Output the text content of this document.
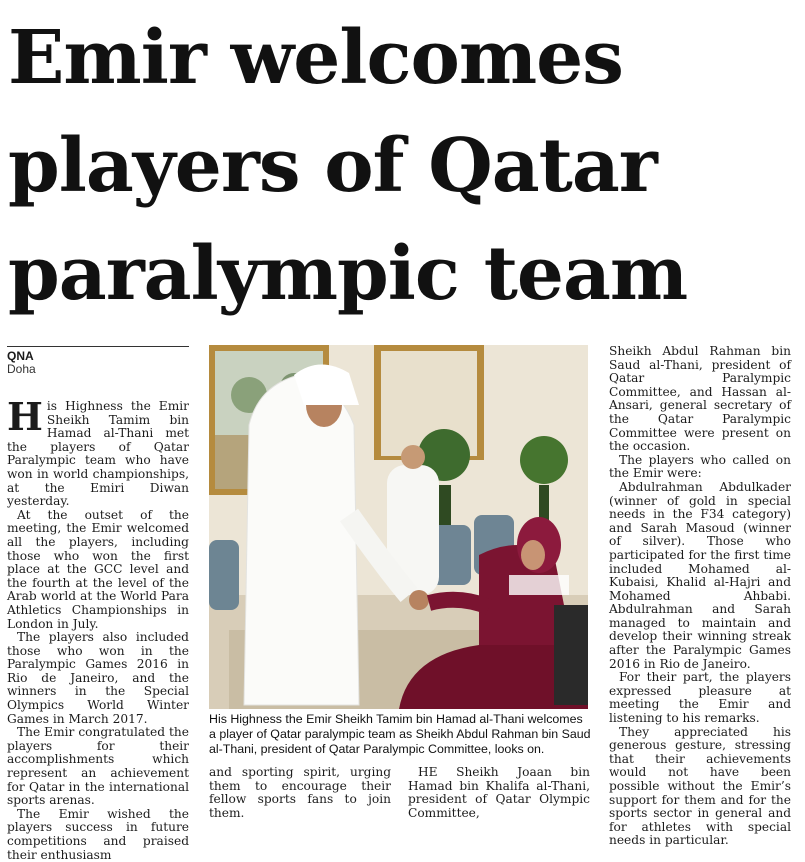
Emir welcomes players of Qatar paralympic team
QNA
Doha

His Highness the Emir Sheikh Tamim bin Hamad al-Thani met the players of Qatar Paralympic team who have won in world championships, at the Emiri Diwan yesterday.

At the outset of the meeting, the Emir welcomed all the players, including those who won the first place at the GCC level and the fourth at the level of the Arab world at the World Para Athletics Championships in London in July.

The players also included those who won in the Paralympic Games 2016 in Rio de Janeiro, and the winners in the Special Olympics World Winter Games in March 2017.

The Emir congratulated the players for their accomplishments which represent an achievement for Qatar in the international sports arenas.

The Emir wished the players success in future competitions and praised their enthusiasm

His Highness the Emir Sheikh Tamim bin Hamad al-Thani welcomes a player of Qatar paralympic team as Sheikh Abdul Rahman bin Saud al-Thani, president of Qatar Paralympic Committee, looks on.

and sporting spirit, urging them to encourage their fellow sports fans to join them.

HE Sheikh Joaan bin Hamad bin Khalifa al-Thani, president of Qatar Olympic Committee,

Sheikh Abdul Rahman bin Saud al-Thani, president of Qatar Paralympic Committee, and Hassan al-Ansari, general secretary of the Qatar Paralympic Committee were present on the occasion.

The players who called on the Emir were:

Abdulrahman Abdulkader (winner of gold in special needs in the F34 category) and Sarah Masoud (winner of silver). Those who participated for the first time included Mohamed al-Kubaisi, Khalid al-Hajri and Mohamed Ahbabi. Abdulrahman and Sarah managed to maintain and develop their winning streak after the Paralympic Games 2016 in Rio de Janeiro.

For their part, the players expressed pleasure at meeting the Emir and listening to his remarks.

They appreciated his generous gesture, stressing that their achievements would not have been possible without the Emir’s support for them and for the sports sector in general and for athletes with special needs in particular.
